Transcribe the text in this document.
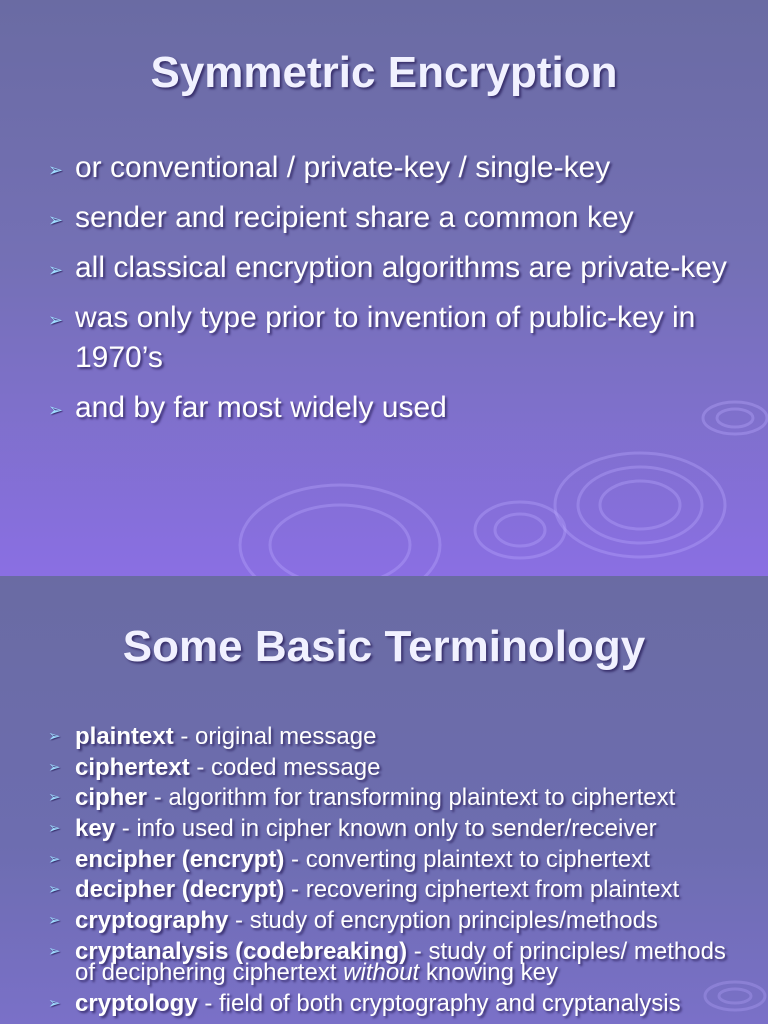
Symmetric Encryption
➢ or conventional / private-key / single-key
➢ sender and recipient share a common key
➢ all classical encryption algorithms are private-key
➢ was only type prior to invention of public-key in 1970’s
➢ and by far most widely used
Some Basic Terminology
➢ plaintext - original message
➢ ciphertext - coded message
➢ cipher - algorithm for transforming plaintext to ciphertext
➢ key - info used in cipher known only to sender/receiver
➢ encipher (encrypt) - converting plaintext to ciphertext
➢ decipher (decrypt) - recovering ciphertext from plaintext
➢ cryptography - study of encryption principles/methods
➢ cryptanalysis (codebreaking) - study of principles/ methods of deciphering ciphertext without knowing key
➢ cryptology - field of both cryptography and cryptanalysis
